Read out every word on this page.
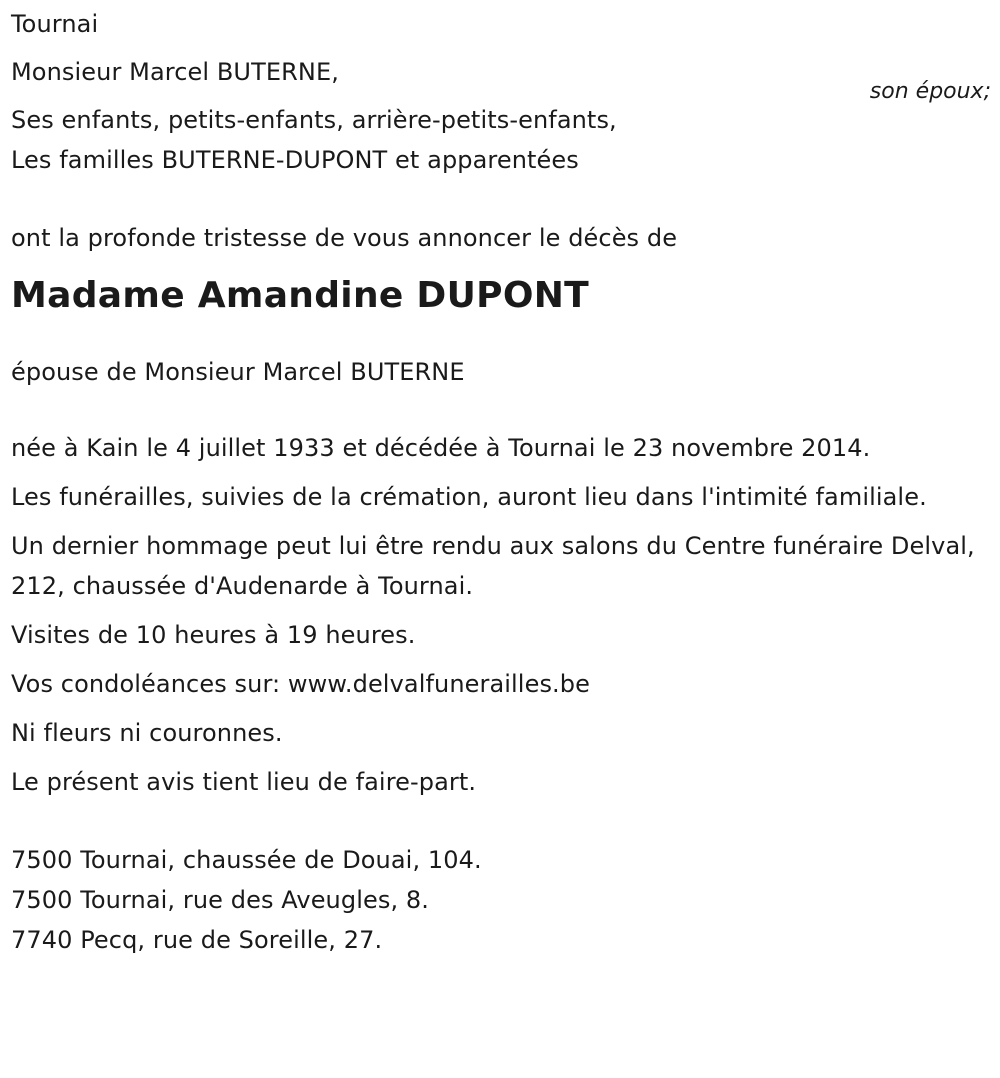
Tournai

Monsieur Marcel BUTERNE,

son époux;

Ses enfants, petits-enfants, arrière-petits-enfants,

Les familles BUTERNE-DUPONT et apparentées

ont la profonde tristesse de vous annoncer le décès de

Madame Amandine DUPONT

épouse de Monsieur Marcel BUTERNE

née à Kain le 4 juillet 1933 et décédée à Tournai le 23 novembre 2014.

Les funérailles, suivies de la crémation, auront lieu dans l'intimité familiale.

Un dernier hommage peut lui être rendu aux salons du Centre funéraire Delval, 212, chaussée d'Audenarde à Tournai.

Visites de 10 heures à 19 heures.

Vos condoléances sur: www.delvalfunerailles.be

Ni fleurs ni couronnes.

Le présent avis tient lieu de faire-part.

7500 Tournai, chaussée de Douai, 104.

7500 Tournai, rue des Aveugles, 8.

7740 Pecq, rue de Soreille, 27.
